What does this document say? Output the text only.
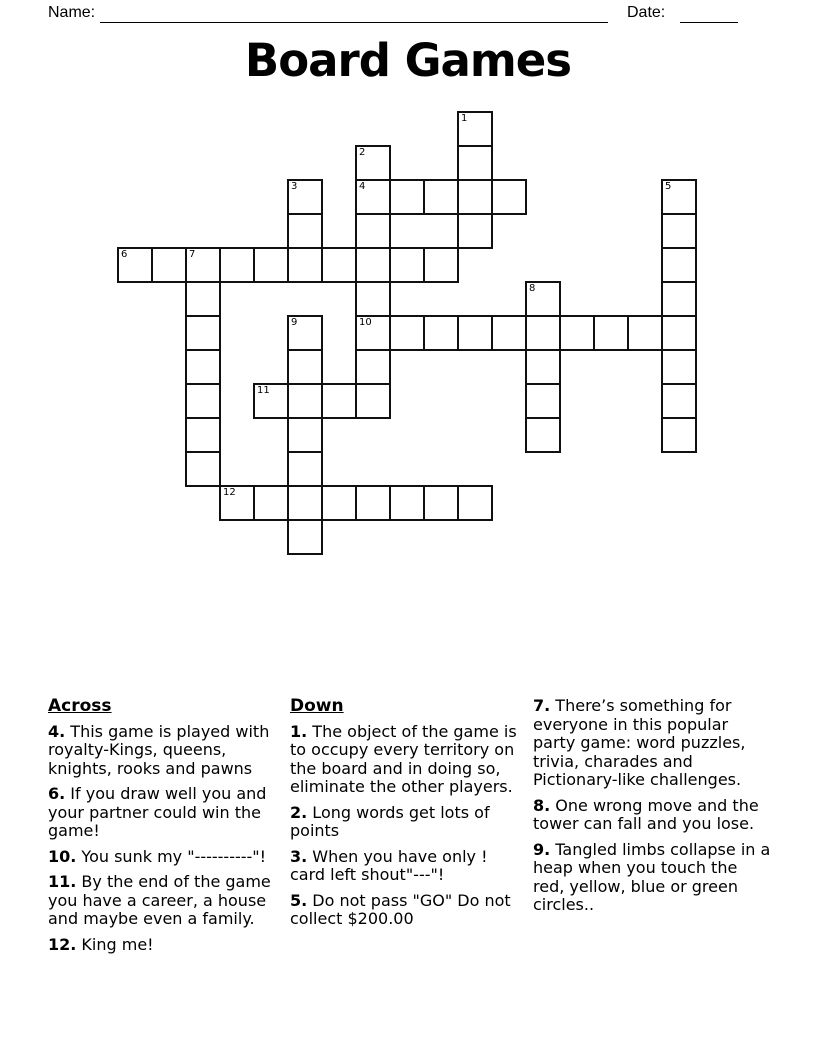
Name:	Date:
Board Games
1
2
3	4	5
6	7
8
9	10
11
12

Across

4. This game is played with royalty-Kings, queens, knights, rooks and pawns

6. If you draw well you and your partner could win the game!

10. You sunk my "----------"!

11. By the end of the game you have a career, a house and maybe even a family.

12. King me!

Down

1. The object of the game is to occupy every territory on the board and in doing so, eliminate the other players.

2. Long words get lots of points

3. When you have only ! card left shout"---"!

5. Do not pass "GO" Do not collect $200.00

7. There’s something for everyone in this popular party game: word puzzles, trivia, charades and Pictionary-like challenges.

8. One wrong move and the tower can fall and you lose.

9. Tangled limbs collapse in a heap when you touch the red, yellow, blue or green circles..
